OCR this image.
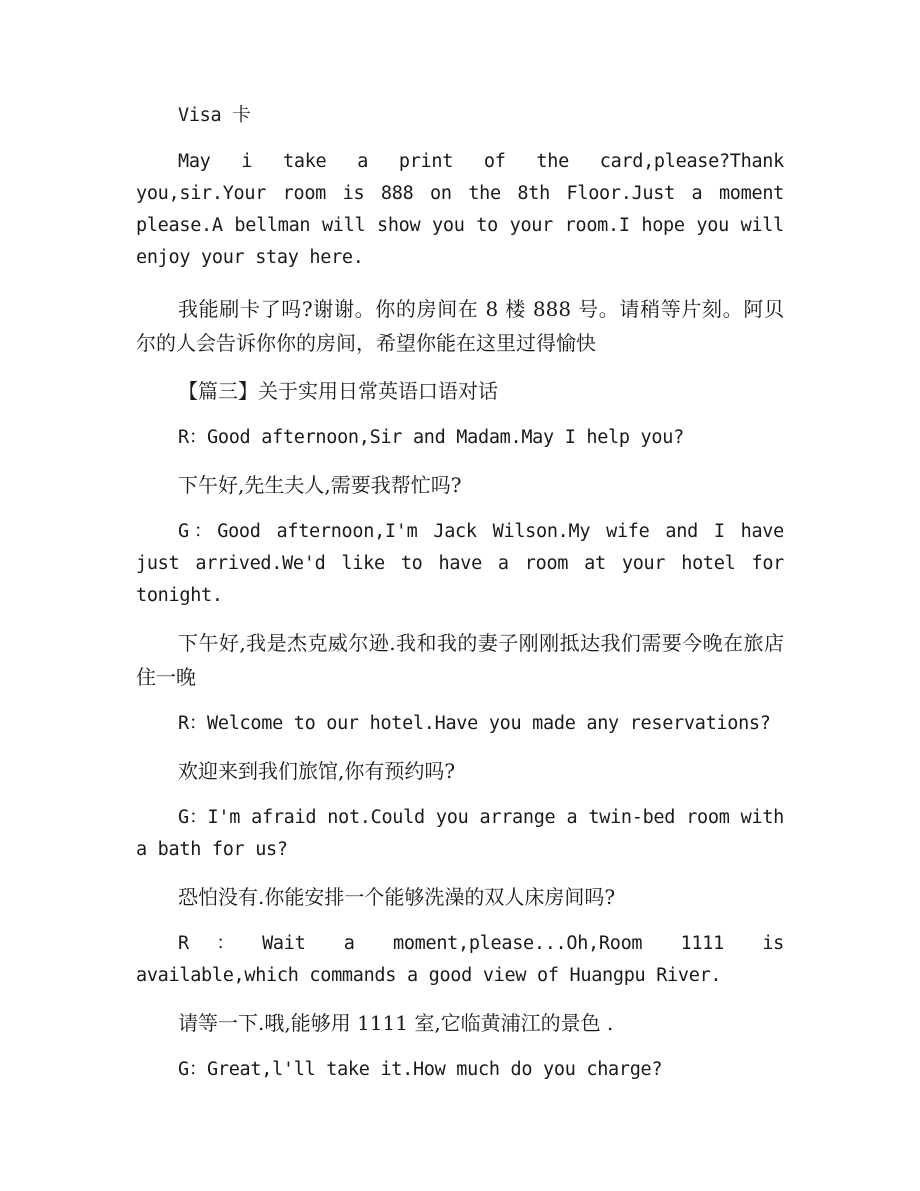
Visa 卡

May i take a print of the card,please?Thank you,sir.Your room is 888 on the 8th Floor.Just a moment please.A bellman will show you to your room.I hope you will enjoy your stay here.

我能刷卡了吗?谢谢。你的房间在 8 楼 888 号。请稍等片刻。阿贝尔的人会告诉你你的房间，希望你能在这里过得愉快

【篇三】关于实用日常英语口语对话

R：Good afternoon,Sir and Madam.May I help you?

下午好,先生夫人,需要我帮忙吗?

G：Good afternoon,I'm Jack Wilson.My wife and I have just arrived.We'd like to have a room at your hotel for tonight.

下午好,我是杰克威尔逊.我和我的妻子刚刚抵达我们需要今晚在旅店住一晚

R：Welcome to our hotel.Have you made any reservations?

欢迎来到我们旅馆,你有预约吗?

G：I'm afraid not.Could you arrange a twin-bed room with a bath for us?

恐怕没有.你能安排一个能够洗澡的双人床房间吗?

R：Wait a moment,please...Oh,Room 1111 is available,which commands a good view of Huangpu River.

请等一下.哦,能够用 1111 室,它临黄浦江的景色 .

G：Great,l'll take it.How much do you charge?
